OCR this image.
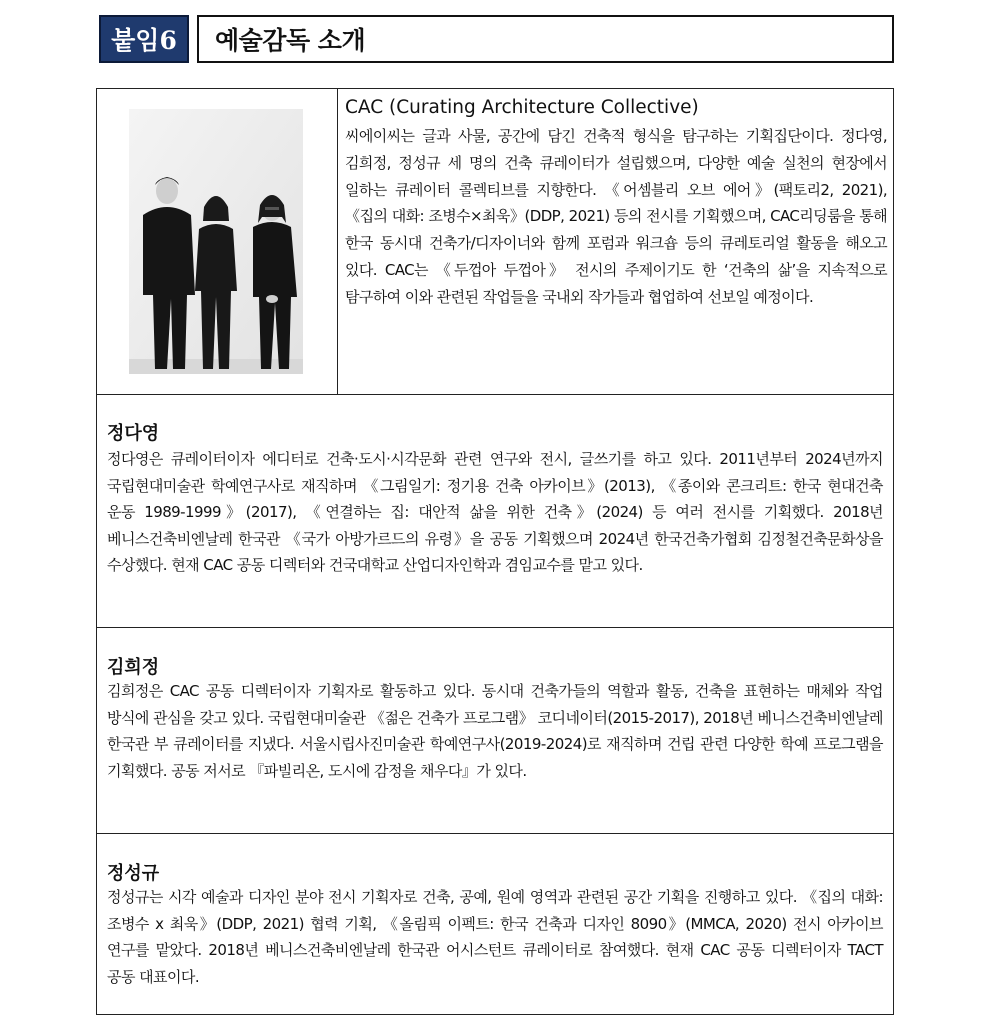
붙임6 예술감독 소개
CAC (Curating Architecture Collective)
씨에이씨는 글과 사물, 공간에 담긴 건축적 형식을 탐구하는 기획집단이다. 정다영, 김희정, 정성규 세 명의 건축 큐레이터가 설립했으며, 다양한 예술 실천의 현장에서 일하는 큐레이터 콜렉티브를 지향한다. 《어셈블리 오브 에어》(팩토리2, 2021), 《집의 대화: 조병수×최욱》(DDP, 2021) 등의 전시를 기획했으며, CAC리딩룸을 통해 한국 동시대 건축가/디자이너와 함께 포럼과 워크숍 등의 큐레토리얼 활동을 해오고 있다. CAC는 《두껍아 두껍아》 전시의 주제이기도 한 ‘건축의 삶’을 지속적으로 탐구하여 이와 관련된 작업들을 국내외 작가들과 협업하여 선보일 예정이다.
정다영
정다영은 큐레이터이자 에디터로 건축·도시·시각문화 관련 연구와 전시, 글쓰기를 하고 있다. 2011년부터 2024년까지 국립현대미술관 학예연구사로 재직하며 《그림일기: 정기용 건축 아카이브》(2013), 《종이와 콘크리트: 한국 현대건축 운동 1989-1999》(2017), 《연결하는 집: 대안적 삶을 위한 건축》(2024) 등 여러 전시를 기획했다. 2018년 베니스건축비엔날레 한국관 《국가 아방가르드의 유령》을 공동 기획했으며 2024년 한국건축가협회 김정철건축문화상을 수상했다. 현재 CAC 공동 디렉터와 건국대학교 산업디자인학과 겸임교수를 맡고 있다.
김희정
김희정은 CAC 공동 디렉터이자 기획자로 활동하고 있다. 동시대 건축가들의 역할과 활동, 건축을 표현하는 매체와 작업 방식에 관심을 갖고 있다. 국립현대미술관 《젊은 건축가 프로그램》 코디네이터(2015-2017), 2018년 베니스건축비엔날레 한국관 부 큐레이터를 지냈다. 서울시립사진미술관 학예연구사(2019-2024)로 재직하며 건립 관련 다양한 학예 프로그램을 기획했다. 공동 저서로 『파빌리온, 도시에 감정을 채우다』가 있다.
정성규
정성규는 시각 예술과 디자인 분야 전시 기획자로 건축, 공예, 원예 영역과 관련된 공간 기획을 진행하고 있다. 《집의 대화: 조병수 x 최욱》(DDP, 2021) 협력 기획, 《올림픽 이펙트: 한국 건축과 디자인 8090》(MMCA, 2020) 전시 아카이브 연구를 맡았다. 2018년 베니스건축비엔날레 한국관 어시스턴트 큐레이터로 참여했다. 현재 CAC 공동 디렉터이자 TACT 공동 대표이다.
